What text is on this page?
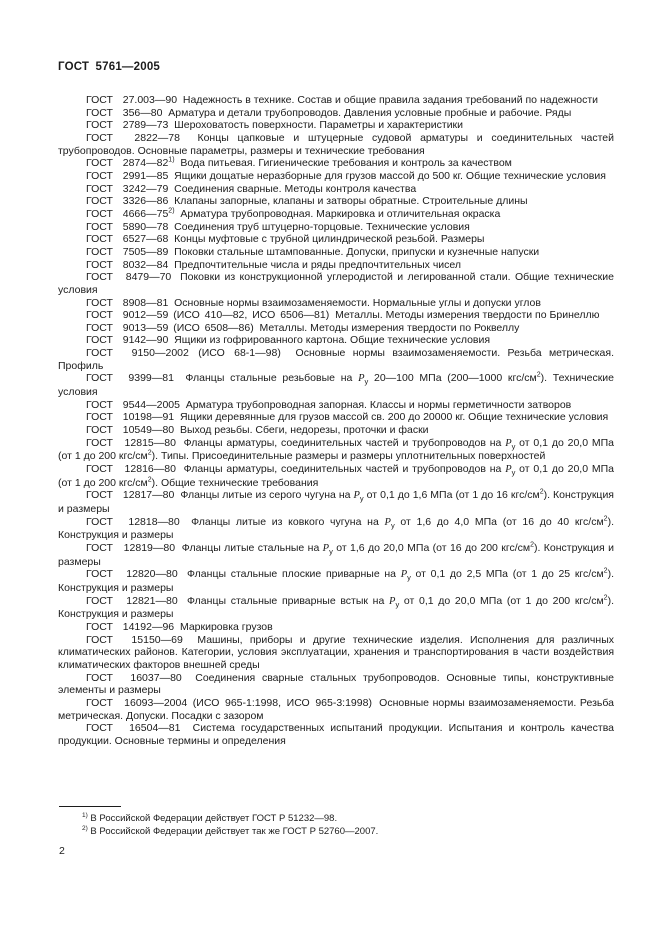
ГОСТ 5761—2005

ГОСТ  27.003—90  Надежность в технике. Состав и общие правила задания требований по надежности

ГОСТ  356—80  Арматура и детали трубопроводов. Давления условные пробные и рабочие. Ряды

ГОСТ  2789—73  Шероховатость поверхности. Параметры и характеристики

ГОСТ  2822—78  Концы цапковые и штуцерные судовой арматуры и соединительных частей трубопроводов. Основные параметры, размеры и технические требования

ГОСТ  2874—82$^{1)}$  Вода питьевая. Гигиенические требования и контроль за качеством

ГОСТ  2991—85  Ящики дощатые неразборные для грузов массой до 500 кг. Общие технические условия

ГОСТ  3242—79  Соединения сварные. Методы контроля качества

ГОСТ  3326—86  Клапаны запорные, клапаны и затворы обратные. Строительные длины

ГОСТ  4666—75$^{2)}$  Арматура трубопроводная. Маркировка и отличительная окраска

ГОСТ  5890—78  Соединения труб штуцерно-торцовые. Технические условия

ГОСТ  6527—68  Концы муфтовые с трубной цилиндрической резьбой. Размеры

ГОСТ  7505—89  Поковки стальные штампованные. Допуски, припуски и кузнечные напуски

ГОСТ  8032—84  Предпочтительные числа и ряды предпочтительных чисел

ГОСТ  8479—70  Поковки из конструкционной углеродистой и легированной стали. Общие технические условия

ГОСТ  8908—81  Основные нормы взаимозаменяемости. Нормальные углы и допуски углов

ГОСТ  9012—59 (ИСО 410—82, ИСО 6506—81)  Металлы. Методы измерения твердости по Бринеллю

ГОСТ  9013—59 (ИСО 6508—86)  Металлы. Методы измерения твердости по Роквеллу

ГОСТ  9142—90  Ящики из гофрированного картона. Общие технические условия

ГОСТ  9150—2002 (ИСО 68-1—98)  Основные нормы взаимозаменяемости. Резьба метрическая. Профиль

ГОСТ  9399—81  Фланцы стальные резьбовые на $P_у$ 20—100 МПа (200—1000 кгс/$см^2$). Технические условия

ГОСТ  9544—2005  Арматура трубопроводная запорная. Классы и нормы герметичности затворов

ГОСТ  10198—91  Ящики деревянные для грузов массой св. 200 до 20000 кг. Общие технические условия

ГОСТ  10549—80  Выход резьбы. Сбеги, недорезы, проточки и фаски

ГОСТ  12815—80  Фланцы арматуры, соединительных частей и трубопроводов на $P_у$ от 0,1 до 20,0 МПа (от 1 до 200 кгс/$см^2$). Типы. Присоединительные размеры и размеры уплотнительных поверхностей

ГОСТ  12816—80  Фланцы арматуры, соединительных частей и трубопроводов на $P_у$ от 0,1 до 20,0 МПа (от 1 до 200 кгс/$см^2$). Общие технические требования

ГОСТ  12817—80  Фланцы литые из серого чугуна на $P_у$ от 0,1 до 1,6 МПа (от 1 до 16 кгс/$см^2$). Конструкция и размеры

ГОСТ  12818—80  Фланцы литые из ковкого чугуна на $P_у$ от 1,6 до 4,0 МПа (от 16 до 40 кгс/$см^2$). Конструкция и размеры

ГОСТ  12819—80  Фланцы литые стальные на $P_у$ от 1,6 до 20,0 МПа (от 16 до 200 кгс/$см^2$). Конструкция и размеры

ГОСТ  12820—80  Фланцы стальные плоские приварные на $P_у$ от 0,1 до 2,5 МПа (от 1 до 25 кгс/$см^2$). Конструкция и размеры

ГОСТ  12821—80  Фланцы стальные приварные встык на $P_у$ от 0,1 до 20,0 МПа (от 1 до 200 кгс/$см^2$). Конструкция и размеры

ГОСТ  14192—96  Маркировка грузов

ГОСТ  15150—69  Машины, приборы и другие технические изделия. Исполнения для различных климатических районов. Категории, условия эксплуатации, хранения и транспортирования в части воздействия климатических факторов внешней среды

ГОСТ  16037—80  Соединения сварные стальных трубопроводов. Основные типы, конструктивные элементы и размеры

ГОСТ  16093—2004 (ИСО 965-1:1998, ИСО 965-3:1998)  Основные нормы взаимозаменяемости. Резьба метрическая. Допуски. Посадки с зазором

ГОСТ  16504—81  Система государственных испытаний продукции. Испытания и контроль качества продукции. Основные термины и определения

$^{1)}$ В Российской Федерации действует ГОСТ Р 51232—98.

$^{2)}$ В Российской Федерации действует так же ГОСТ Р 52760—2007.

2
